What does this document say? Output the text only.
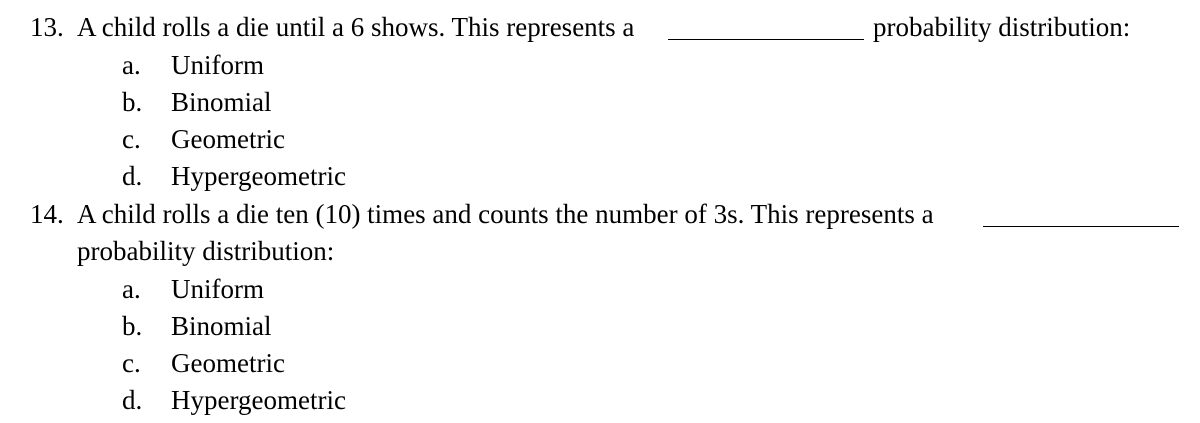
13. A child rolls a die until a 6 shows. This represents a	probability distribution:
a. Uniform
b. Binomial
c. Geometric
d. Hypergeometric
14. A child rolls a die ten (10) times and counts the number of 3s. This represents a
probability distribution:
a. Uniform
b. Binomial
c. Geometric
d. Hypergeometric
